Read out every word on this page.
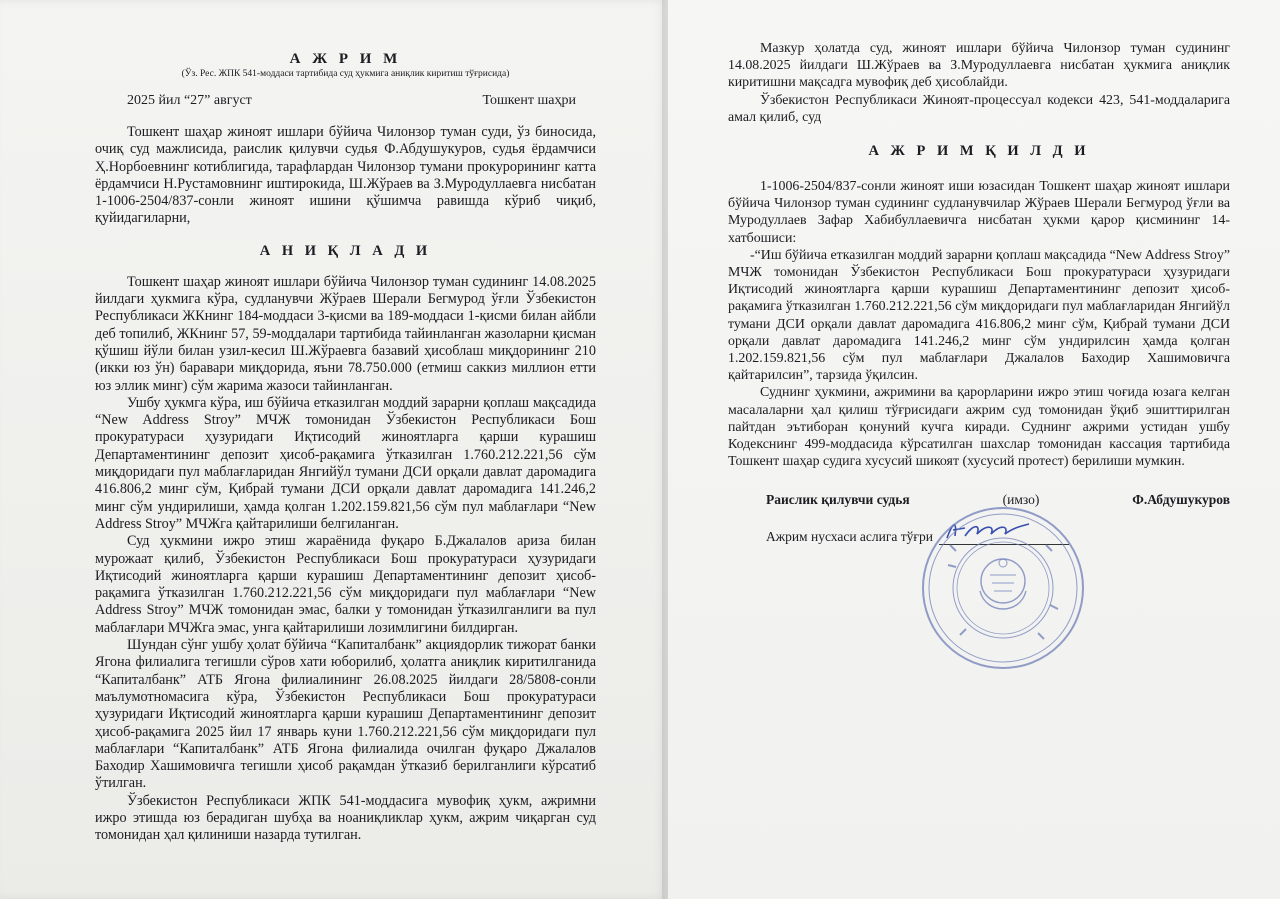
А Ж Р И М
(Ўз. Рес. ЖПК 541-моддаси тартибида суд ҳукмига аниқлик киритиш тўғрисида)
2025 йил “27” август	Тошкент шаҳри

Тошкент шаҳар жиноят ишлари бўйича Чилонзор туман суди, ўз биносида, очиқ суд мажлисида, раислик қилувчи судья Ф.Абдушукуров, судья ёрдамчиси Ҳ.Норбоевнинг котиблигида, тарафлардан Чилонзор тумани прокурорининг катта ёрдамчиси Н.Рустамовнинг иштирокида, Ш.Жўраев ва З.Муродуллаевга нисбатан 1-1006-2504/837-сонли жиноят ишини қўшимча равишда кўриб чиқиб, қуйидагиларни,

А Н И Қ Л А Д И

Тошкент шаҳар жиноят ишлари бўйича Чилонзор туман судининг 14.08.2025 йилдаги ҳукмига кўра, судланувчи Жўраев Шерали Бегмурод ўғли Ўзбекистон Республикаси ЖКнинг 184-моддаси 3-қисми ва 189-моддаси 1-қисми билан айбли деб топилиб, ЖКнинг 57, 59-моддалари тартибида тайинланган жазоларни қисман қўшиш йўли билан узил-кесил Ш.Жўраевга базавий ҳисоблаш миқдорининг 210 (икки юз ўн) баравари миқдорида, яъни 78.750.000 (етмиш саккиз миллион етти юз эллик минг) сўм жарима жазоси тайинланган.

Ушбу ҳукмга кўра, иш бўйича етказилган моддий зарарни қоплаш мақсадида “New Address Stroy” МЧЖ томонидан Ўзбекистон Республикаси Бош прокуратураси ҳузуридаги Иқтисодий жиноятларга қарши курашиш Департаментининг депозит ҳисоб-рақамига ўтказилган 1.760.212.221,56 сўм миқдоридаги пул маблағларидан Янгийўл тумани ДСИ орқали давлат даромадига 416.806,2 минг сўм, Қибрай тумани ДСИ орқали давлат даромадига 141.246,2 минг сўм ундирилиши, ҳамда қолган 1.202.159.821,56 сўм пул маблағлари “New Address Stroy” МЧЖга қайтарилиши белгиланган.

Суд ҳукмини ижро этиш жараёнида фуқаро Б.Джалалов ариза билан мурожаат қилиб, Ўзбекистон Республикаси Бош прокуратураси ҳузуридаги Иқтисодий жиноятларга қарши курашиш Департаментининг депозит ҳисоб-рақамига ўтказилган 1.760.212.221,56 сўм миқдоридаги пул маблағлари “New Address Stroy” МЧЖ томонидан эмас, балки у томонидан ўтказилганлиги ва пул маблағлари МЧЖга эмас, унга қайтарилиши лозимлигини билдирган.

Шундан сўнг ушбу ҳолат бўйича “Капиталбанк” акциядорлик тижорат банки Ягона филиалига тегишли сўров хати юборилиб, ҳолатга аниқлик киритилганида “Капиталбанк” АТБ Ягона филиалининг 26.08.2025 йилдаги 28/5808-сонли маълумотномасига кўра, Ўзбекистон Республикаси Бош прокуратураси ҳузуридаги Иқтисодий жиноятларга қарши курашиш Департаментининг депозит ҳисоб-рақамига 2025 йил 17 январь куни 1.760.212.221,56 сўм миқдоридаги пул маблағлари “Капиталбанк” АТБ Ягона филиалида очилган фуқаро Джалалов Баходир Хашимовичга тегишли ҳисоб рақамдан ўтказиб берилганлиги кўрсатиб ўтилган.

Ўзбекистон Республикаси ЖПК 541-моддасига мувофиқ ҳукм, ажримни ижро этишда юз берадиган шубҳа ва ноаниқликлар ҳукм, ажрим чиқарган суд томонидан ҳал қилиниши назарда тутилган.

Мазкур ҳолатда суд, жиноят ишлари бўйича Чилонзор туман судининг 14.08.2025 йилдаги Ш.Жўраев ва З.Муродуллаевга нисбатан ҳукмига аниқлик киритишни мақсадга мувофиқ деб ҳисоблайди.

Ўзбекистон Республикаси Жиноят-процессуал кодекси 423, 541-моддаларига амал қилиб, суд

А Ж Р И М Қ И Л Д И

1-1006-2504/837-сонли жиноят иши юзасидан Тошкент шаҳар жиноят ишлари бўйича Чилонзор туман судининг судланувчилар Жўраев Шерали Бегмурод ўғли ва Муродуллаев Зафар Хабибуллаевичга нисбатан ҳукми қарор қисмининг 14-хатбошиси:

-“Иш бўйича етказилган моддий зарарни қоплаш мақсадида “New Address Stroy” МЧЖ томонидан Ўзбекистон Республикаси Бош прокуратураси ҳузуридаги Иқтисодий жиноятларга қарши курашиш Департаментининг депозит ҳисоб-рақамига ўтказилган 1.760.212.221,56 сўм миқдоридаги пул маблағларидан Янгийўл тумани ДСИ орқали давлат даромадига 416.806,2 минг сўм, Қибрай тумани ДСИ орқали давлат даромадига 141.246,2 минг сўм ундирилсин ҳамда қолган 1.202.159.821,56 сўм пул маблағлари Джалалов Баходир Хашимовичга қайтарилсин”, тарзида ўқилсин.

Суднинг ҳукмини, ажримини ва қарорларини ижро этиш чоғида юзага келган масалаларни ҳал қилиш тўғрисидаги ажрим суд томонидан ўқиб эшиттирилган пайтдан эътиборан қонуний кучга киради. Суднинг ажрими устидан ушбу Кодекснинг 499-моддасида кўрсатилган шахслар томонидан кассация тартибида Тошкент шаҳар судига хусусий шикоят (хусусий протест) берилиши мумкин.

Раислик қилувчи судья	(имзо)	Ф.Абдушукуров
Ажрим нусхаси аслига тўғри
